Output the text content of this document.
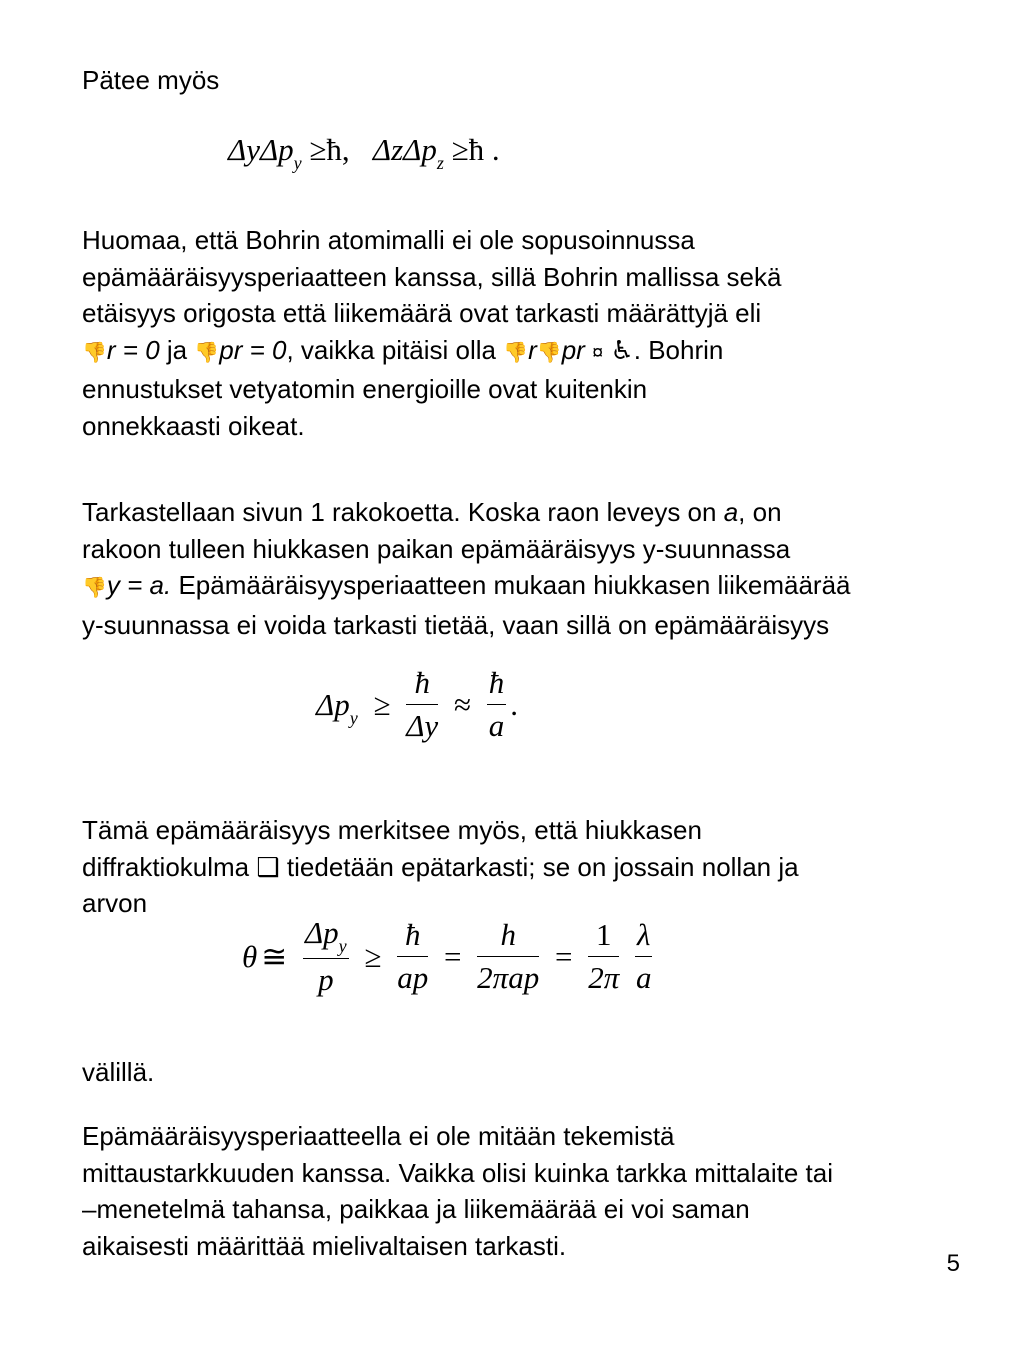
Pätee myös
ΔyΔp$_y$ ≥ħ, ΔzΔp$_z$ ≥ħ .
Huomaa, että Bohrin atomimalli ei ole sopusoinnussa
epämääräisyysperiaatteen kanssa, sillä Bohrin mallissa sekä
etäisyys origosta että liikemäärä ovat tarkasti määrättyjä eli
👎r = 0 ja 👎pr = 0, vaikka pitäisi olla 👎r👎pr ¤ ♿. Bohrin
ennustukset vetyatomin energioille ovat kuitenkin
onnekkaasti oikeat.
Tarkastellaan sivun 1 rakokoetta. Koska raon leveys on a, on
rakoon tulleen hiukkasen paikan epämääräisyys y-suunnassa
👎y = a. Epämääräisyysperiaatteen mukaan hiukkasen liikemäärää
y-suunnassa ei voida tarkasti tietää, vaan sillä on epämääräisyys
$\Delta p_y \ge \frac{ħ}{\Delta y} \approx \frac{ħ}{a}$ .
Tämä epämääräisyys merkitsee myös, että hiukkasen
diffraktiokulma ❑ tiedetään epätarkasti; se on jossain nollan ja
arvon
θ ≅ $\frac{\Delta p_y}{p} \ge \frac{ħ}{ap} = \frac{h}{\text{2πap}} = \frac{1}{2\pi}$
$\frac{\lambda}{a}$
välillä.
Epämääräisyysperiaatteella ei ole mitään tekemistä
mittaustarkkuuden kanssa. Vaikka olisi kuinka tarkka mittalaite tai
–menetelmä tahansa, paikkaa ja liikemäärää ei voi saman
aikaisesti määrittää mielivaltaisen tarkasti.
5
